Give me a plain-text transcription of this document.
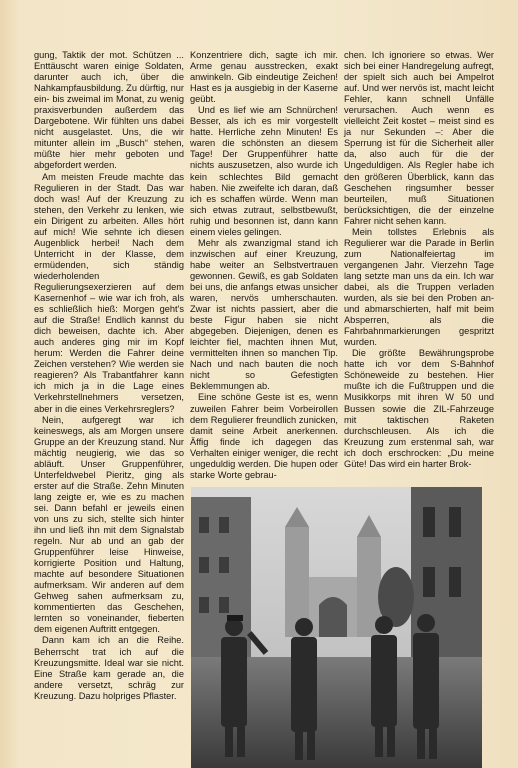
gung, Taktik der mot. Schützen ... Enttäuscht waren einige Soldaten, darunter auch ich, über die Nahkampfausbildung. Zu dürftig, nur ein- bis zweimal im Monat, zu wenig praxisverbunden außerdem das Dargebotene. Wir fühlten uns dabei nicht ausgelastet. Uns, die wir mitunter allein im „Busch“ stehen, müßte hier mehr geboten und abgefordert werden.

Am meisten Freude machte das Regulieren in der Stadt. Das war doch was! Auf der Kreuzung zu stehen, den Verkehr zu lenken, wie ein Dirigent zu arbeiten. Alles hört auf mich! Wie sehnte ich diesen Augenblick herbei! Nach dem Unterricht in der Klasse, dem ermüdenden, sich ständig wiederholenden Regulierungsexerzieren auf dem Kasernenhof – wie war ich froh, als es schließlich hieß: Morgen geht's auf die Straße! Endlich kannst du dich beweisen, dachte ich. Aber auch anderes ging mir im Kopf herum: Werden die Fahrer deine Zeichen verstehen? Wie werden sie reagieren? Als Trabantfahrer kann ich mich ja in die Lage eines Verkehrstellnehmers versetzen, aber in die eines Verkehrsreglers?

Nein, aufgeregt war ich keineswegs, als am Morgen unsere Gruppe an der Kreuzung stand. Nur mächtig neugierig, wie das so abläuft. Unser Gruppenführer, Unterfeldwebel Pieritz, ging als erster auf die Straße. Zehn Minuten lang zeigte er, wie es zu machen sei. Dann befahl er jeweils einen von uns zu sich, stellte sich hinter ihn und ließ ihn mit dem Signalstab regeln. Nur ab und an gab der Gruppenführer leise Hinweise, korrigierte Position und Haltung, machte auf besondere Situationen aufmerksam. Wir anderen auf dem Gehweg sahen aufmerksam zu, kommentierten das Geschehen, lernten so voneinander, fieberten dem eigenen Auftritt entgegen.

Dann kam ich an die Reihe. Beherrscht trat ich auf die Kreuzungsmitte. Ideal war sie nicht. Eine Straße kam gerade an, die andere versetzt, schräg zur Kreuzung. Dazu holpriges Pflaster.

Konzentriere dich, sagte ich mir. Arme genau ausstrecken, exakt anwinkeln. Gib eindeutige Zeichen! Hast es ja ausgiebig in der Kaserne geübt.

Und es lief wie am Schnürchen! Besser, als ich es mir vorgestellt hatte. Herrliche zehn Minuten! Es waren die schönsten an diesem Tage! Der Gruppenführer hatte nichts auszusetzen, also wurde ich kein schlechtes Bild gemacht haben. Nie zweifelte ich daran, daß ich es schaffen würde. Wenn man sich etwas zutraut, selbstbewußt, ruhig und besonnen ist, dann kann einem vieles gelingen.

Mehr als zwanzigmal stand ich inzwischen auf einer Kreuzung, habe weiter an Selbstvertrauen gewonnen. Gewiß, es gab Soldaten bei uns, die anfangs etwas unsicher waren, nervös umherschauten. Zwar ist nichts passiert, aber die beste Figur haben sie nicht abgegeben. Diejenigen, denen es leichter fiel, machten ihnen Mut, vermittelten ihnen so manchen Tip. Nach und nach bauten die noch nicht so Gefestigten Beklemmungen ab.

Eine schöne Geste ist es, wenn zuweilen Fahrer beim Vorbeirollen dem Regulierer freundlich zunicken, damit seine Arbeit anerkennen. Äffig finde ich dagegen das Verhalten einiger weniger, die recht ungeduldig werden. Die hupen oder starke Worte gebrau-

chen. Ich ignoriere so etwas. Wer sich bei einer Handregelung aufregt, der spielt sich auch bei Ampelrot auf. Und wer nervös ist, macht leicht Fehler, kann schnell Unfälle verursachen. Auch wenn es vielleicht Zeit kostet – meist sind es ja nur Sekunden –: Aber die Sperrung ist für die Sicherheit aller da, also auch für die der Ungeduldigen. Als Regler habe ich den größeren Überblick, kann das Geschehen ringsumher besser beurteilen, muß Situationen berücksichtigen, die der einzelne Fahrer nicht sehen kann.

Mein tollstes Erlebnis als Regulierer war die Parade in Berlin zum Nationalfeiertag im vergangenen Jahr. Vierzehn Tage lang setzte man uns da ein. Ich war dabei, als die Truppen verladen wurden, als sie bei den Proben an- und abmarschierten, half mit beim Absperren, als die Fahrbahnmarkierungen gespritzt wurden.

Die größte Bewährungsprobe hatte ich vor dem S-Bahnhof Schöneweide zu bestehen. Hier mußte ich die Fußtruppen und die Musikkorps mit ihren W 50 und Bussen sowie die ZIL-Fahrzeuge mit taktischen Raketen durchschleusen. Als ich die Kreuzung zum erstenmal sah, war ich doch erschrocken: „Du meine Güte! Das wird ein harter Brok-
